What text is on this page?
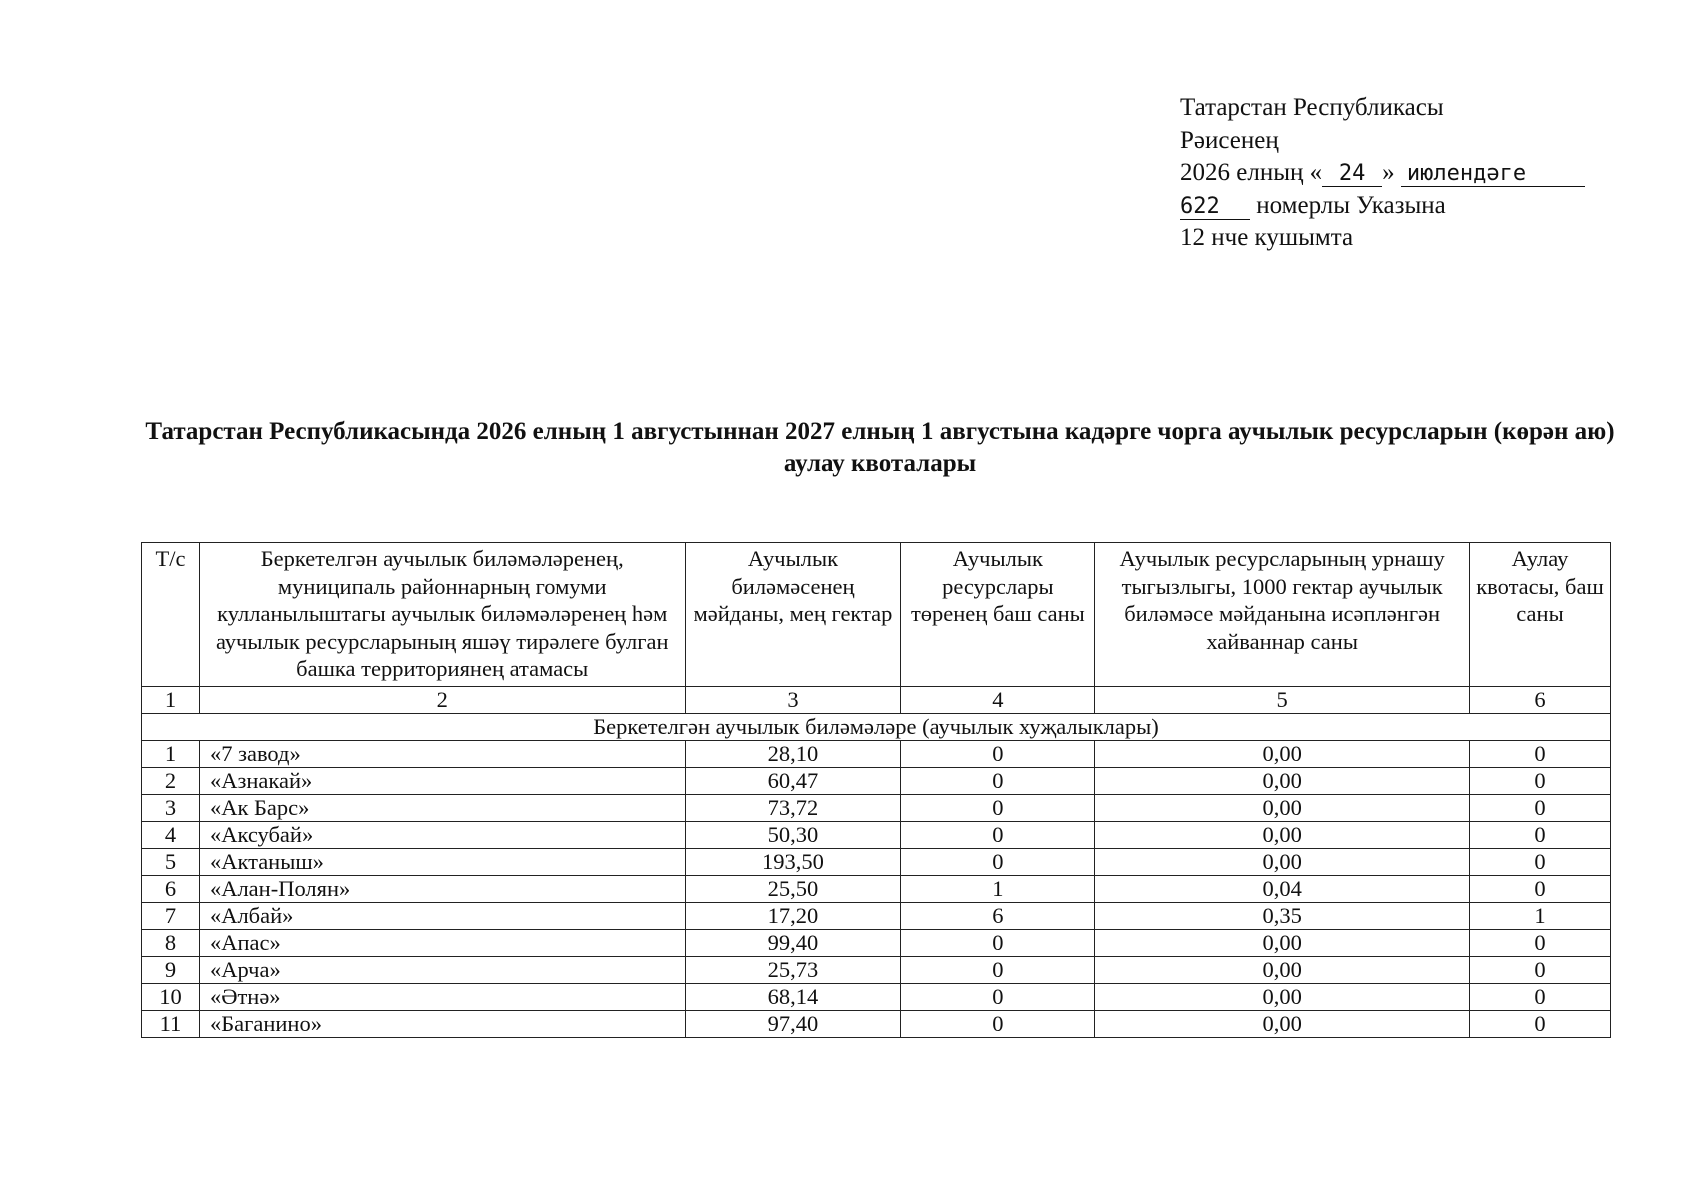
Татарстан Республикасы
Рәисенең
2026 елның « 24 » июлендәге
622 номерлы Указына
12 нче кушымта
Татарстан Республикасында 2026 елның 1 августыннан 2027 елның 1 августына кадәрге чорга аучылык ресурсларын (көрән аю) аулау квоталары
Т/с	Беркетелгән аучылык биләмәләренең, муниципаль районнарның гомуми кулланылыштагы аучылык биләмәләренең һәм аучылык ресурсларының яшәү тирәлеге булган башка территориянең атамасы	Аучылык биләмәсенең мәйданы, мең гектар	Аучылык ресурслары төренең баш саны	Аучылык ресурсларының урнашу тыгызлыгы, 1000 гектар аучылык биләмәсе мәйданына исәпләнгән хайваннар саны	Аулау квотасы, баш саны
1	2	3	4	5	6
Беркетелгән аучылык биләмәләре (аучылык хуҗалыклары)					
1	«7 завод»	28,10	0	0,00	0
2	«Азнакай»	60,47	0	0,00	0
3	«Ак Барс»	73,72	0	0,00	0
4	«Аксубай»	50,30	0	0,00	0
5	«Актаныш»	193,50	0	0,00	0
6	«Алан-Полян»	25,50	1	0,04	0
7	«Албай»	17,20	6	0,35	1
8	«Апас»	99,40	0	0,00	0
9	«Арча»	25,73	0	0,00	0
10	«Әтнә»	68,14	0	0,00	0
11	«Баганино»	97,40	0	0,00	0
